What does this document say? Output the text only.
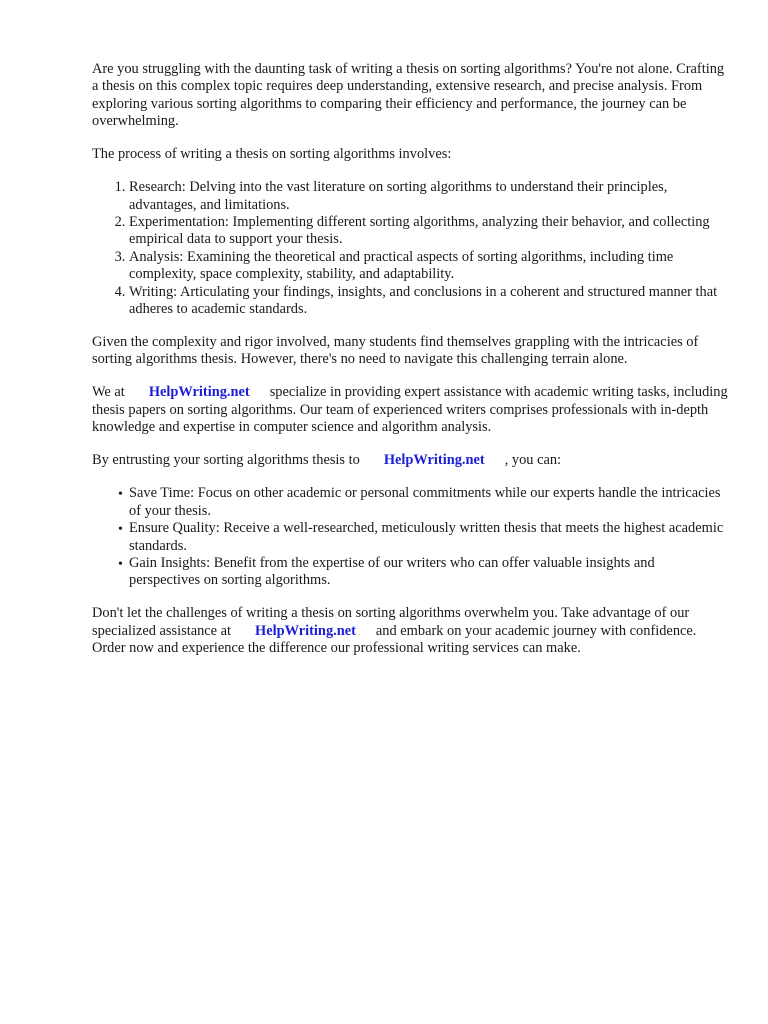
Are you struggling with the daunting task of writing a thesis on sorting algorithms? You're not alone. Crafting a thesis on this complex topic requires deep understanding, extensive research, and precise analysis. From exploring various sorting algorithms to comparing their efficiency and performance, the journey can be overwhelming.

The process of writing a thesis on sorting algorithms involves:

1. Research: Delving into the vast literature on sorting algorithms to understand their principles, advantages, and limitations.
2. Experimentation: Implementing different sorting algorithms, analyzing their behavior, and collecting empirical data to support your thesis.
3. Analysis: Examining the theoretical and practical aspects of sorting algorithms, including time complexity, space complexity, stability, and adaptability.
4. Writing: Articulating your findings, insights, and conclusions in a coherent and structured manner that adheres to academic standards.

Given the complexity and rigor involved, many students find themselves grappling with the intricacies of sorting algorithms thesis. However, there's no need to navigate this challenging terrain alone.

We at HelpWriting.net specialize in providing expert assistance with academic writing tasks, including thesis papers on sorting algorithms. Our team of experienced writers comprises professionals with in-depth knowledge and expertise in computer science and algorithm analysis.

By entrusting your sorting algorithms thesis to HelpWriting.net , you can:

• Save Time: Focus on other academic or personal commitments while our experts handle the intricacies of your thesis.
• Ensure Quality: Receive a well-researched, meticulously written thesis that meets the highest academic standards.
• Gain Insights: Benefit from the expertise of our writers who can offer valuable insights and perspectives on sorting algorithms.

Don't let the challenges of writing a thesis on sorting algorithms overwhelm you. Take advantage of our specialized assistance at HelpWriting.net and embark on your academic journey with confidence. Order now and experience the difference our professional writing services can make.
